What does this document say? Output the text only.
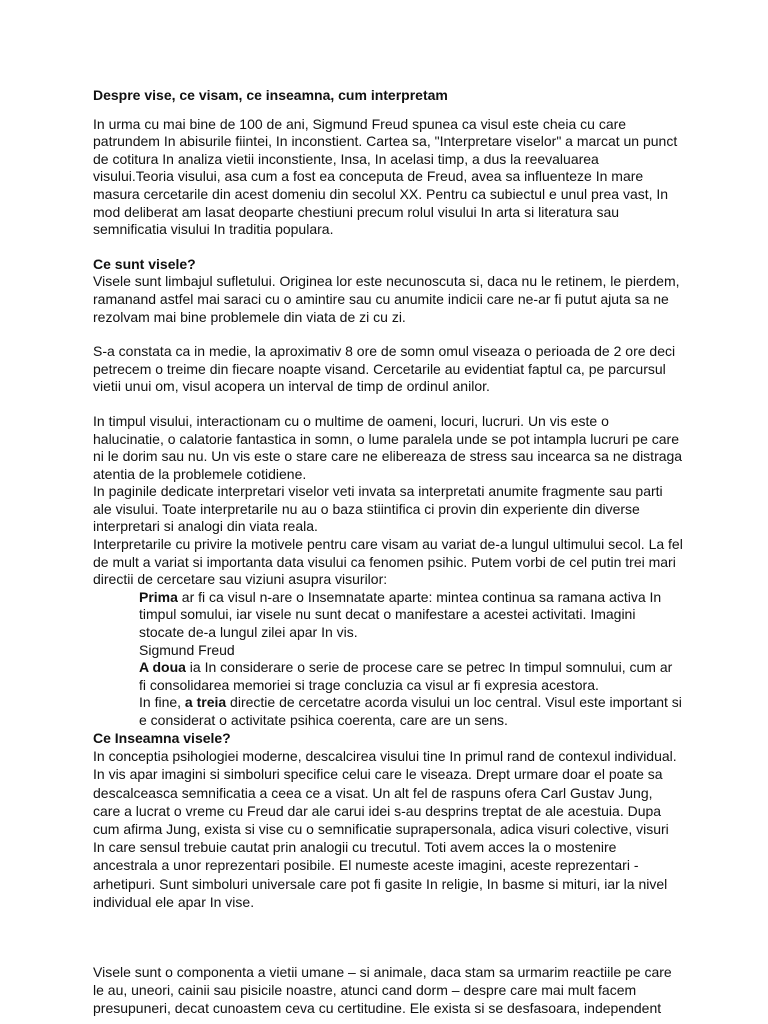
Despre vise, ce visam, ce inseamna, cum interpretam

In urma cu mai bine de 100 de ani, Sigmund Freud spunea ca visul este cheia cu care patrundem In abisurile fiintei, In inconstient. Cartea sa, "Interpretare viselor" a marcat un punct de cotitura In analiza vietii inconstiente, Insa, In acelasi timp, a dus la reevaluarea visului.Teoria visului, asa cum a fost ea conceputa de Freud, avea sa influenteze In mare masura cercetarile din acest domeniu din secolul XX. Pentru ca subiectul e unul prea vast, In mod deliberat am lasat deoparte chestiuni precum rolul visului In arta si literatura sau semnificatia visului In traditia populara.

Ce sunt visele?

Visele sunt limbajul sufletului. Originea lor este necunoscuta si, daca nu le retinem, le pierdem, ramanand astfel mai saraci cu o amintire sau cu anumite indicii care ne-ar fi putut ajuta sa ne rezolvam mai bine problemele din viata de zi cu zi.

S-a constata ca in medie, la aproximativ 8 ore de somn omul viseaza o perioada de 2 ore deci petrecem o treime din fiecare noapte visand. Cercetarile au evidentiat faptul ca, pe parcursul vietii unui om, visul acopera un interval de timp de ordinul anilor.

In timpul visului, interactionam cu o multime de oameni, locuri, lucruri. Un vis este o halucinatie, o calatorie fantastica in somn, o lume paralela unde se pot intampla lucruri pe care ni le dorim sau nu. Un vis este o stare care ne elibereaza de stress sau incearca sa ne distraga atentia de la problemele cotidiene.

In paginile dedicate interpretari viselor veti invata sa interpretati anumite fragmente sau parti ale visului. Toate interpretarile nu au o baza stiintifica ci provin din experiente din diverse interpretari si analogi din viata reala.

Interpretarile cu privire la motivele pentru care visam au variat de-a lungul ultimului secol. La fel de mult a variat si importanta data visului ca fenomen psihic. Putem vorbi de cel putin trei mari directii de cercetare sau viziuni asupra visurilor:

Prima ar fi ca visul n-are o Insemnatate aparte: mintea continua sa ramana activa In timpul somului, iar visele nu sunt decat o manifestare a acestei activitati. Imagini stocate de-a lungul zilei apar In vis.

Sigmund Freud

A doua ia In considerare o serie de procese care se petrec In timpul somnului, cum ar fi consolidarea memoriei si trage concluzia ca visul ar fi expresia acestora.

In fine, a treia directie de cercetatre acorda visului un loc central. Visul este important si e considerat o activitate psihica coerenta, care are un sens.

Ce Inseamna visele?

In conceptia psihologiei moderne, descalcirea visului tine In primul rand de contexul individual. In vis apar imagini si simboluri specifice celui care le viseaza. Drept urmare doar el poate sa descalceasca semnificatia a ceea ce a visat. Un alt fel de raspuns ofera Carl Gustav Jung, care a lucrat o vreme cu Freud dar ale carui idei s-au desprins treptat de ale acestuia. Dupa cum afirma Jung, exista si vise cu o semnificatie suprapersonala, adica visuri colective, visuri In care sensul trebuie cautat prin analogii cu trecutul. Toti avem acces la o mostenire ancestrala a unor reprezentari posibile. El numeste aceste imagini, aceste reprezentari - arhetipuri. Sunt simboluri universale care pot fi gasite In religie, In basme si mituri, iar la nivel individual ele apar In vise.

Visele sunt o componenta a vietii umane – si animale, daca stam sa urmarim reactiile pe care le au, uneori, cainii sau pisicile noastre, atunci cand dorm – despre care mai mult facem presupuneri, decat cunoastem ceva cu certitudine. Ele exista si se desfasoara, independent
